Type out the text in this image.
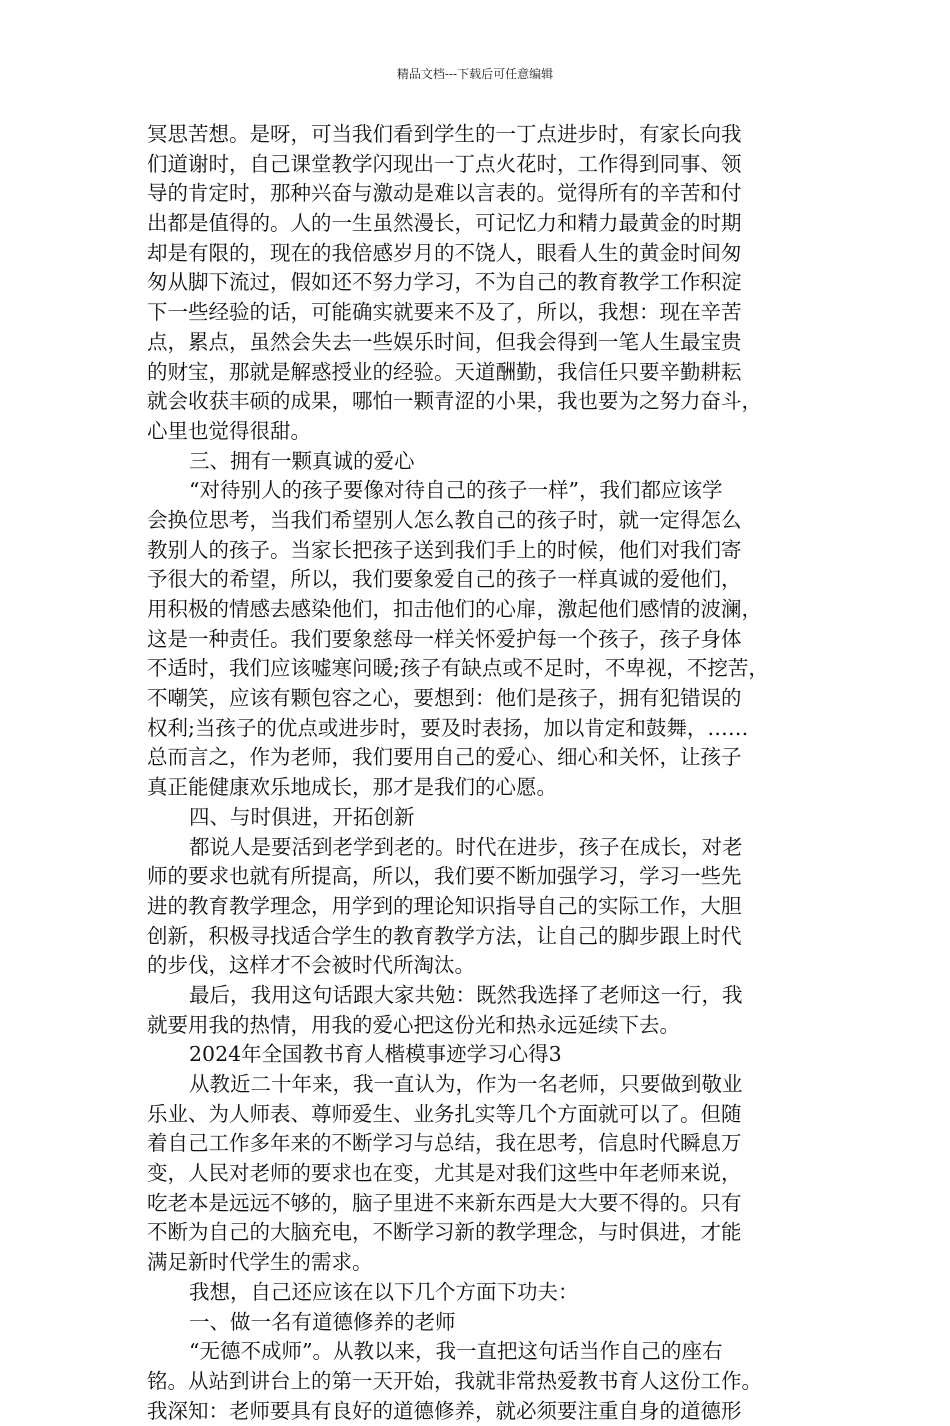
精品文档---下载后可任意编辑
冥思苦想。是呀，可当我们看到学生的一丁点进步时，有家长向我
们道谢时，自己课堂教学闪现出一丁点火花时，工作得到同事、领
导的肯定时，那种兴奋与激动是难以言表的。觉得所有的辛苦和付
出都是值得的。人的一生虽然漫长，可记忆力和精力最黄金的时期
却是有限的，现在的我倍感岁月的不饶人，眼看人生的黄金时间匆
匆从脚下流过，假如还不努力学习，不为自己的教育教学工作积淀
下一些经验的话，可能确实就要来不及了，所以，我想：现在辛苦
点，累点，虽然会失去一些娱乐时间，但我会得到一笔人生最宝贵
的财宝，那就是解惑授业的经验。天道酬勤，我信任只要辛勤耕耘
就会收获丰硕的成果，哪怕一颗青涩的小果，我也要为之努力奋斗，
心里也觉得很甜。
三、拥有一颗真诚的爱心
“对待别人的孩子要像对待自己的孩子一样”，我们都应该学
会换位思考，当我们希望别人怎么教自己的孩子时，就一定得怎么
教别人的孩子。当家长把孩子送到我们手上的时候，他们对我们寄
予很大的希望，所以，我们要象爱自己的孩子一样真诚的爱他们，
用积极的情感去感染他们，扣击他们的心扉，激起他们感情的波澜，
这是一种责任。我们要象慈母一样关怀爱护每一个孩子，孩子身体
不适时，我们应该嘘寒问暖;孩子有缺点或不足时，不卑视，不挖苦，
不嘲笑，应该有颗包容之心，要想到：他们是孩子，拥有犯错误的
权利;当孩子的优点或进步时，要及时表扬，加以肯定和鼓舞，……
总而言之，作为老师，我们要用自己的爱心、细心和关怀，让孩子
真正能健康欢乐地成长，那才是我们的心愿。
四、与时俱进，开拓创新
都说人是要活到老学到老的。时代在进步，孩子在成长，对老
师的要求也就有所提高，所以，我们要不断加强学习，学习一些先
进的教育教学理念，用学到的理论知识指导自己的实际工作，大胆
创新，积极寻找适合学生的教育教学方法，让自己的脚步跟上时代
的步伐，这样才不会被时代所淘汰。
最后，我用这句话跟大家共勉：既然我选择了老师这一行，我
就要用我的热情，用我的爱心把这份光和热永远延续下去。
2024年全国教书育人楷模事迹学习心得3
从教近二十年来，我一直认为，作为一名老师，只要做到敬业
乐业、为人师表、尊师爱生、业务扎实等几个方面就可以了。但随
着自己工作多年来的不断学习与总结，我在思考，信息时代瞬息万
变，人民对老师的要求也在变，尤其是对我们这些中年老师来说，
吃老本是远远不够的，脑子里进不来新东西是大大要不得的。只有
不断为自己的大脑充电，不断学习新的教学理念，与时俱进，才能
满足新时代学生的需求。
我想，自己还应该在以下几个方面下功夫：
一、做一名有道德修养的老师
“无德不成师”。从教以来，我一直把这句话当作自己的座右
铭。从站到讲台上的第一天开始，我就非常热爱教书育人这份工作。
我深知：老师要具有良好的道德修养，就必须要注重自身的道德形
